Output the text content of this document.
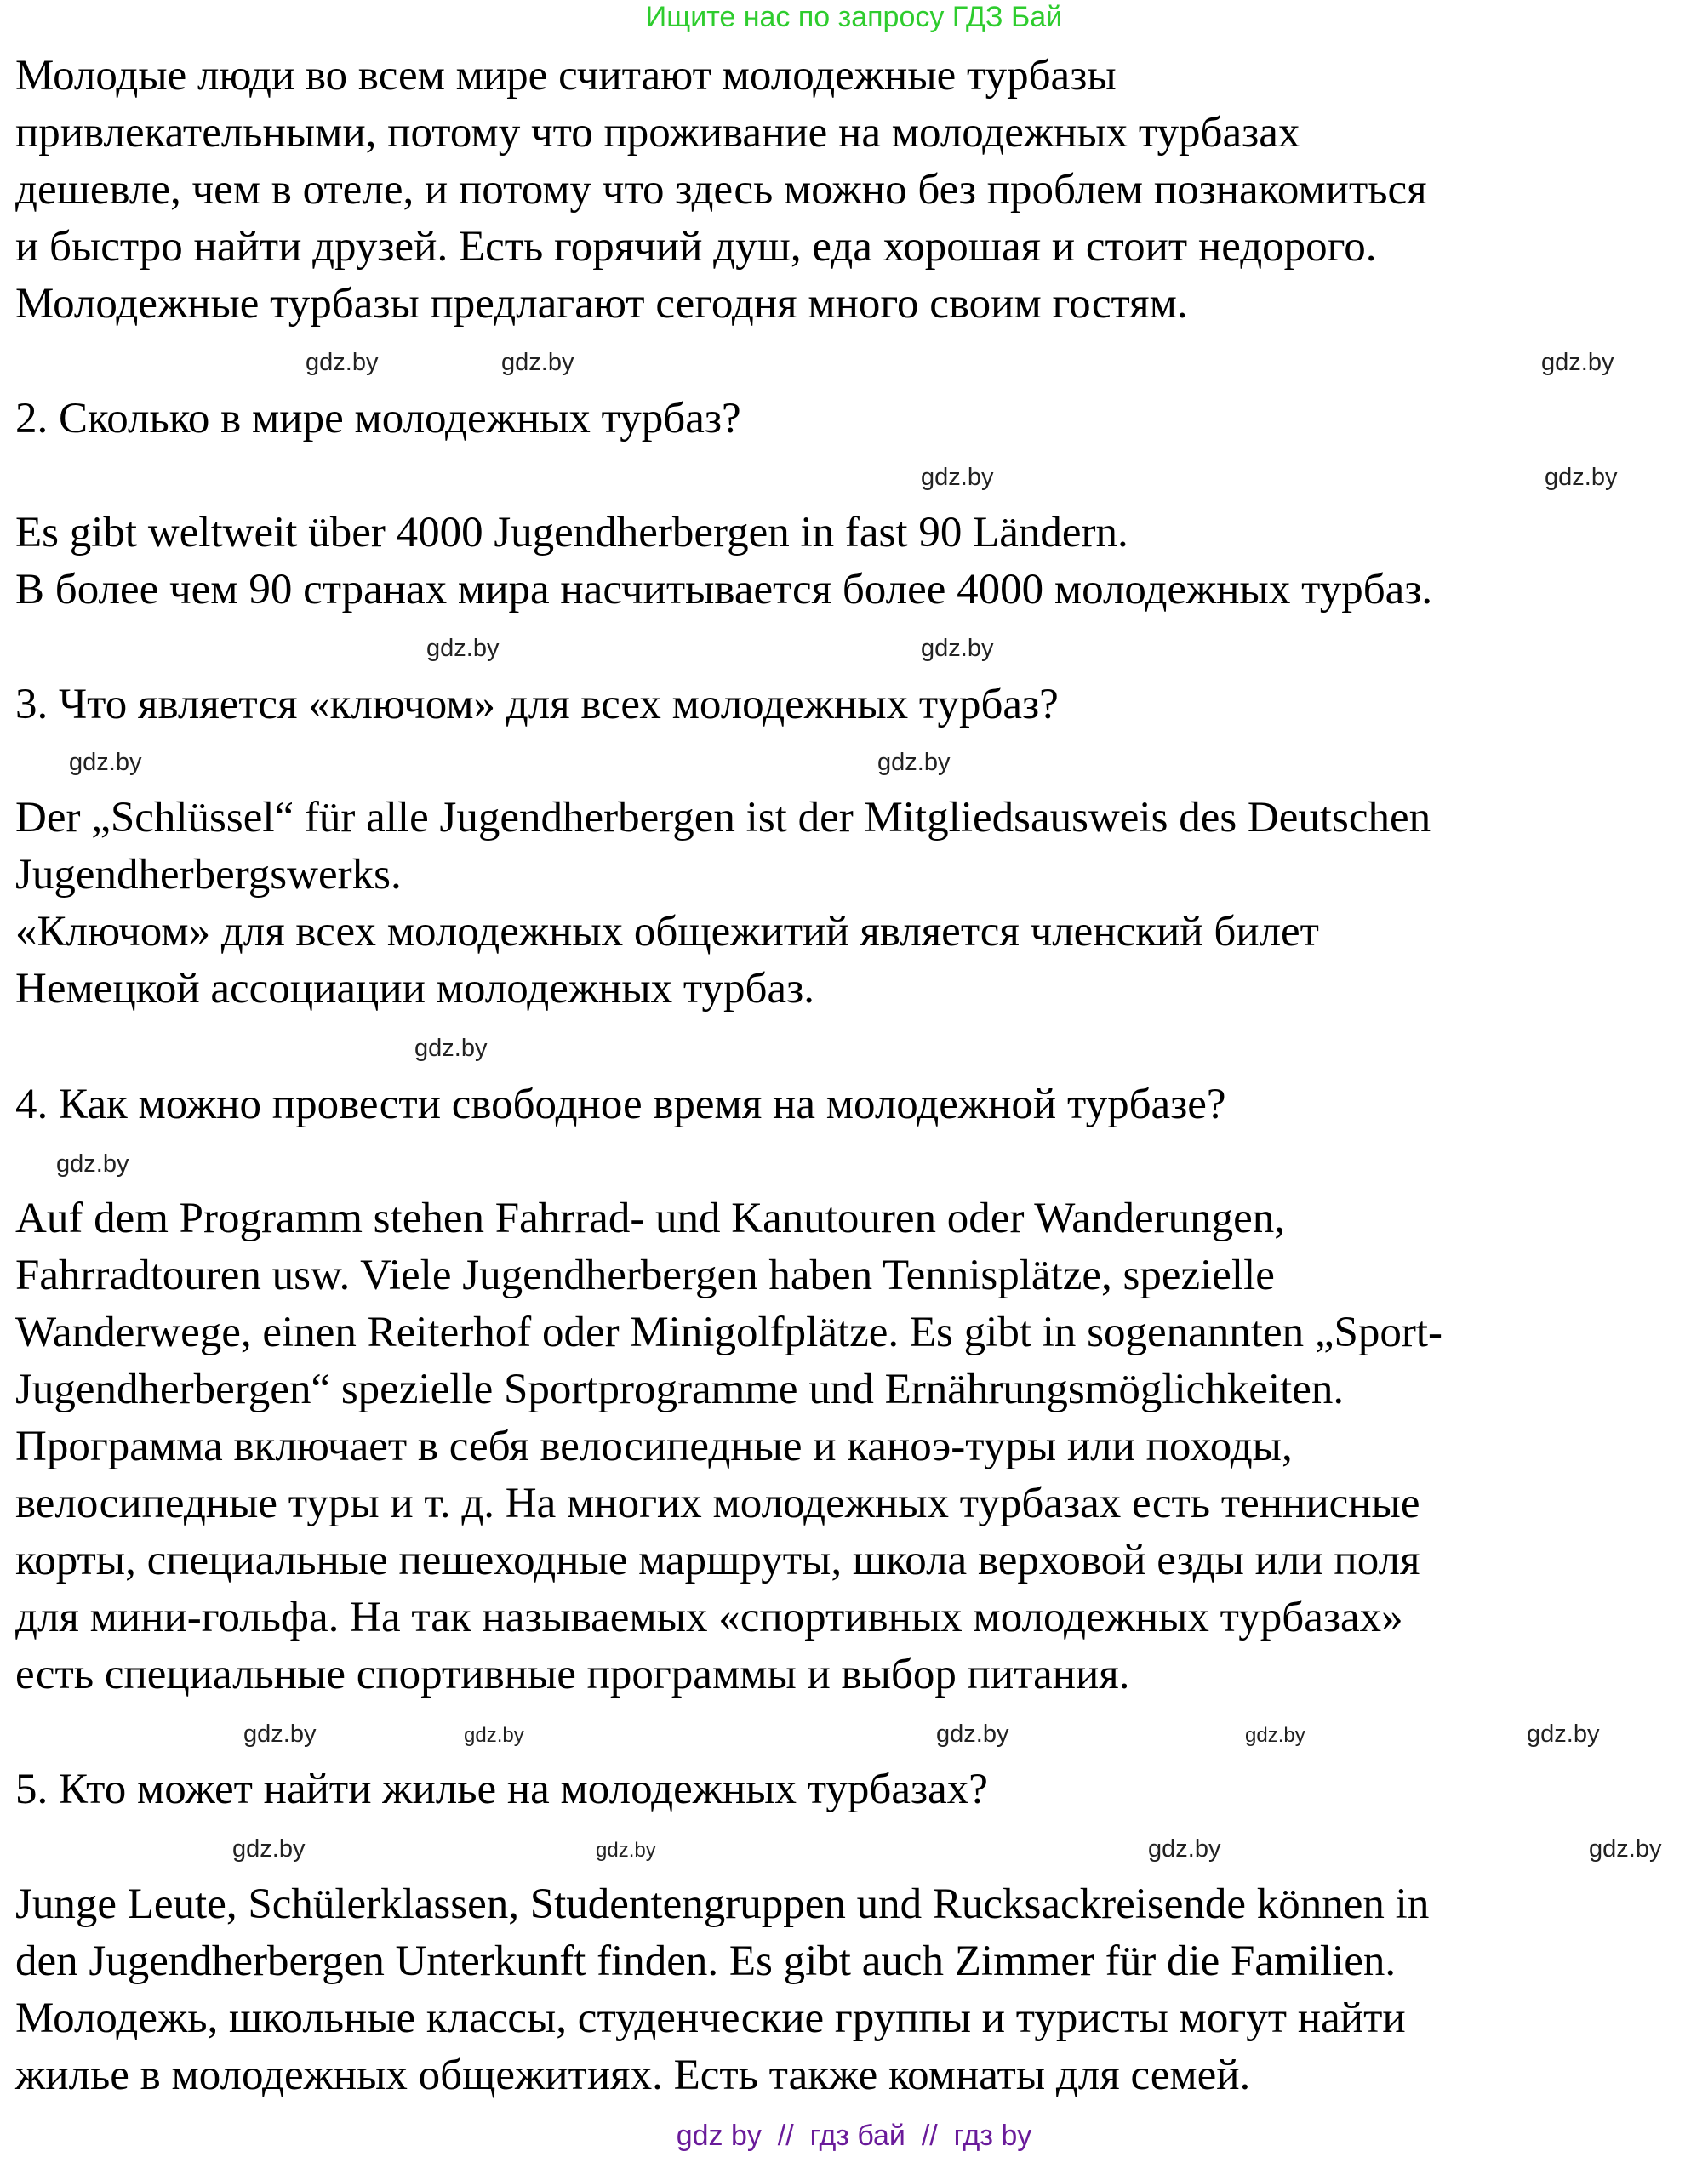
Ищите нас по запросу ГДЗ Бай
Молодые люди во всем мире считают молодежные турбазы
привлекательными, потому что проживание на молодежных турбазах
дешевле, чем в отеле, и потому что здесь можно без проблем познакомиться
и быстро найти друзей. Есть горячий душ, еда хорошая и стоит недорого.
Молодежные турбазы предлагают сегодня много своим гостям.
2. Сколько в мире молодежных турбаз?
Es gibt weltweit über 4000 Jugendherbergen in fast 90 Ländern.
В более чем 90 странах мира насчитывается более 4000 молодежных турбаз.
3. Что является «ключом» для всех молодежных турбаз?
Der „Schlüssel“ für alle Jugendherbergen ist der Mitgliedsausweis des Deutschen
Jugendherbergswerks.
«Ключом» для всех молодежных общежитий является членский билет
Немецкой ассоциации молодежных турбаз.
4. Как можно провести свободное время на молодежной турбазе?
Auf dem Programm stehen Fahrrad- und Kanutouren oder Wanderungen,
Fahrradtouren usw. Viele Jugendherbergen haben Tennisplätze, spezielle
Wanderwege, einen Reiterhof oder Minigolfplätze. Es gibt in sogenannten „Sport-
Jugendherbergen“ spezielle Sportprogramme und Ernährungsmöglichkeiten.
Программа включает в себя велосипедные и каноэ-туры или походы,
велосипедные туры и т. д. На многих молодежных турбазах есть теннисные
корты, специальные пешеходные маршруты, школа верховой езды или поля
для мини-гольфа. На так называемых «спортивных молодежных турбазах»
есть специальные спортивные программы и выбор питания.
5. Кто может найти жилье на молодежных турбазах?
Junge Leute, Schülerklassen, Studentengruppen und Rucksackreisende können in
den Jugendherbergen Unterkunft finden. Es gibt auch Zimmer für die Familien.
Молодежь, школьные классы, студенческие группы и туристы могут найти
жилье в молодежных общежитиях. Есть также комнаты для семей.
gdz.by	gdz.by	gdz.by
gdz.by	gdz.by
gdz.by	gdz.by
gdz.by	gdz.by
gdz.by
gdz.by
gdz.by
gdz.by
gdz.by	gdz.by
gdz.by
gdz.by
gdz.by	gdz.by	gdz.by
gdz by  //  гдз бай  //  гдз by
